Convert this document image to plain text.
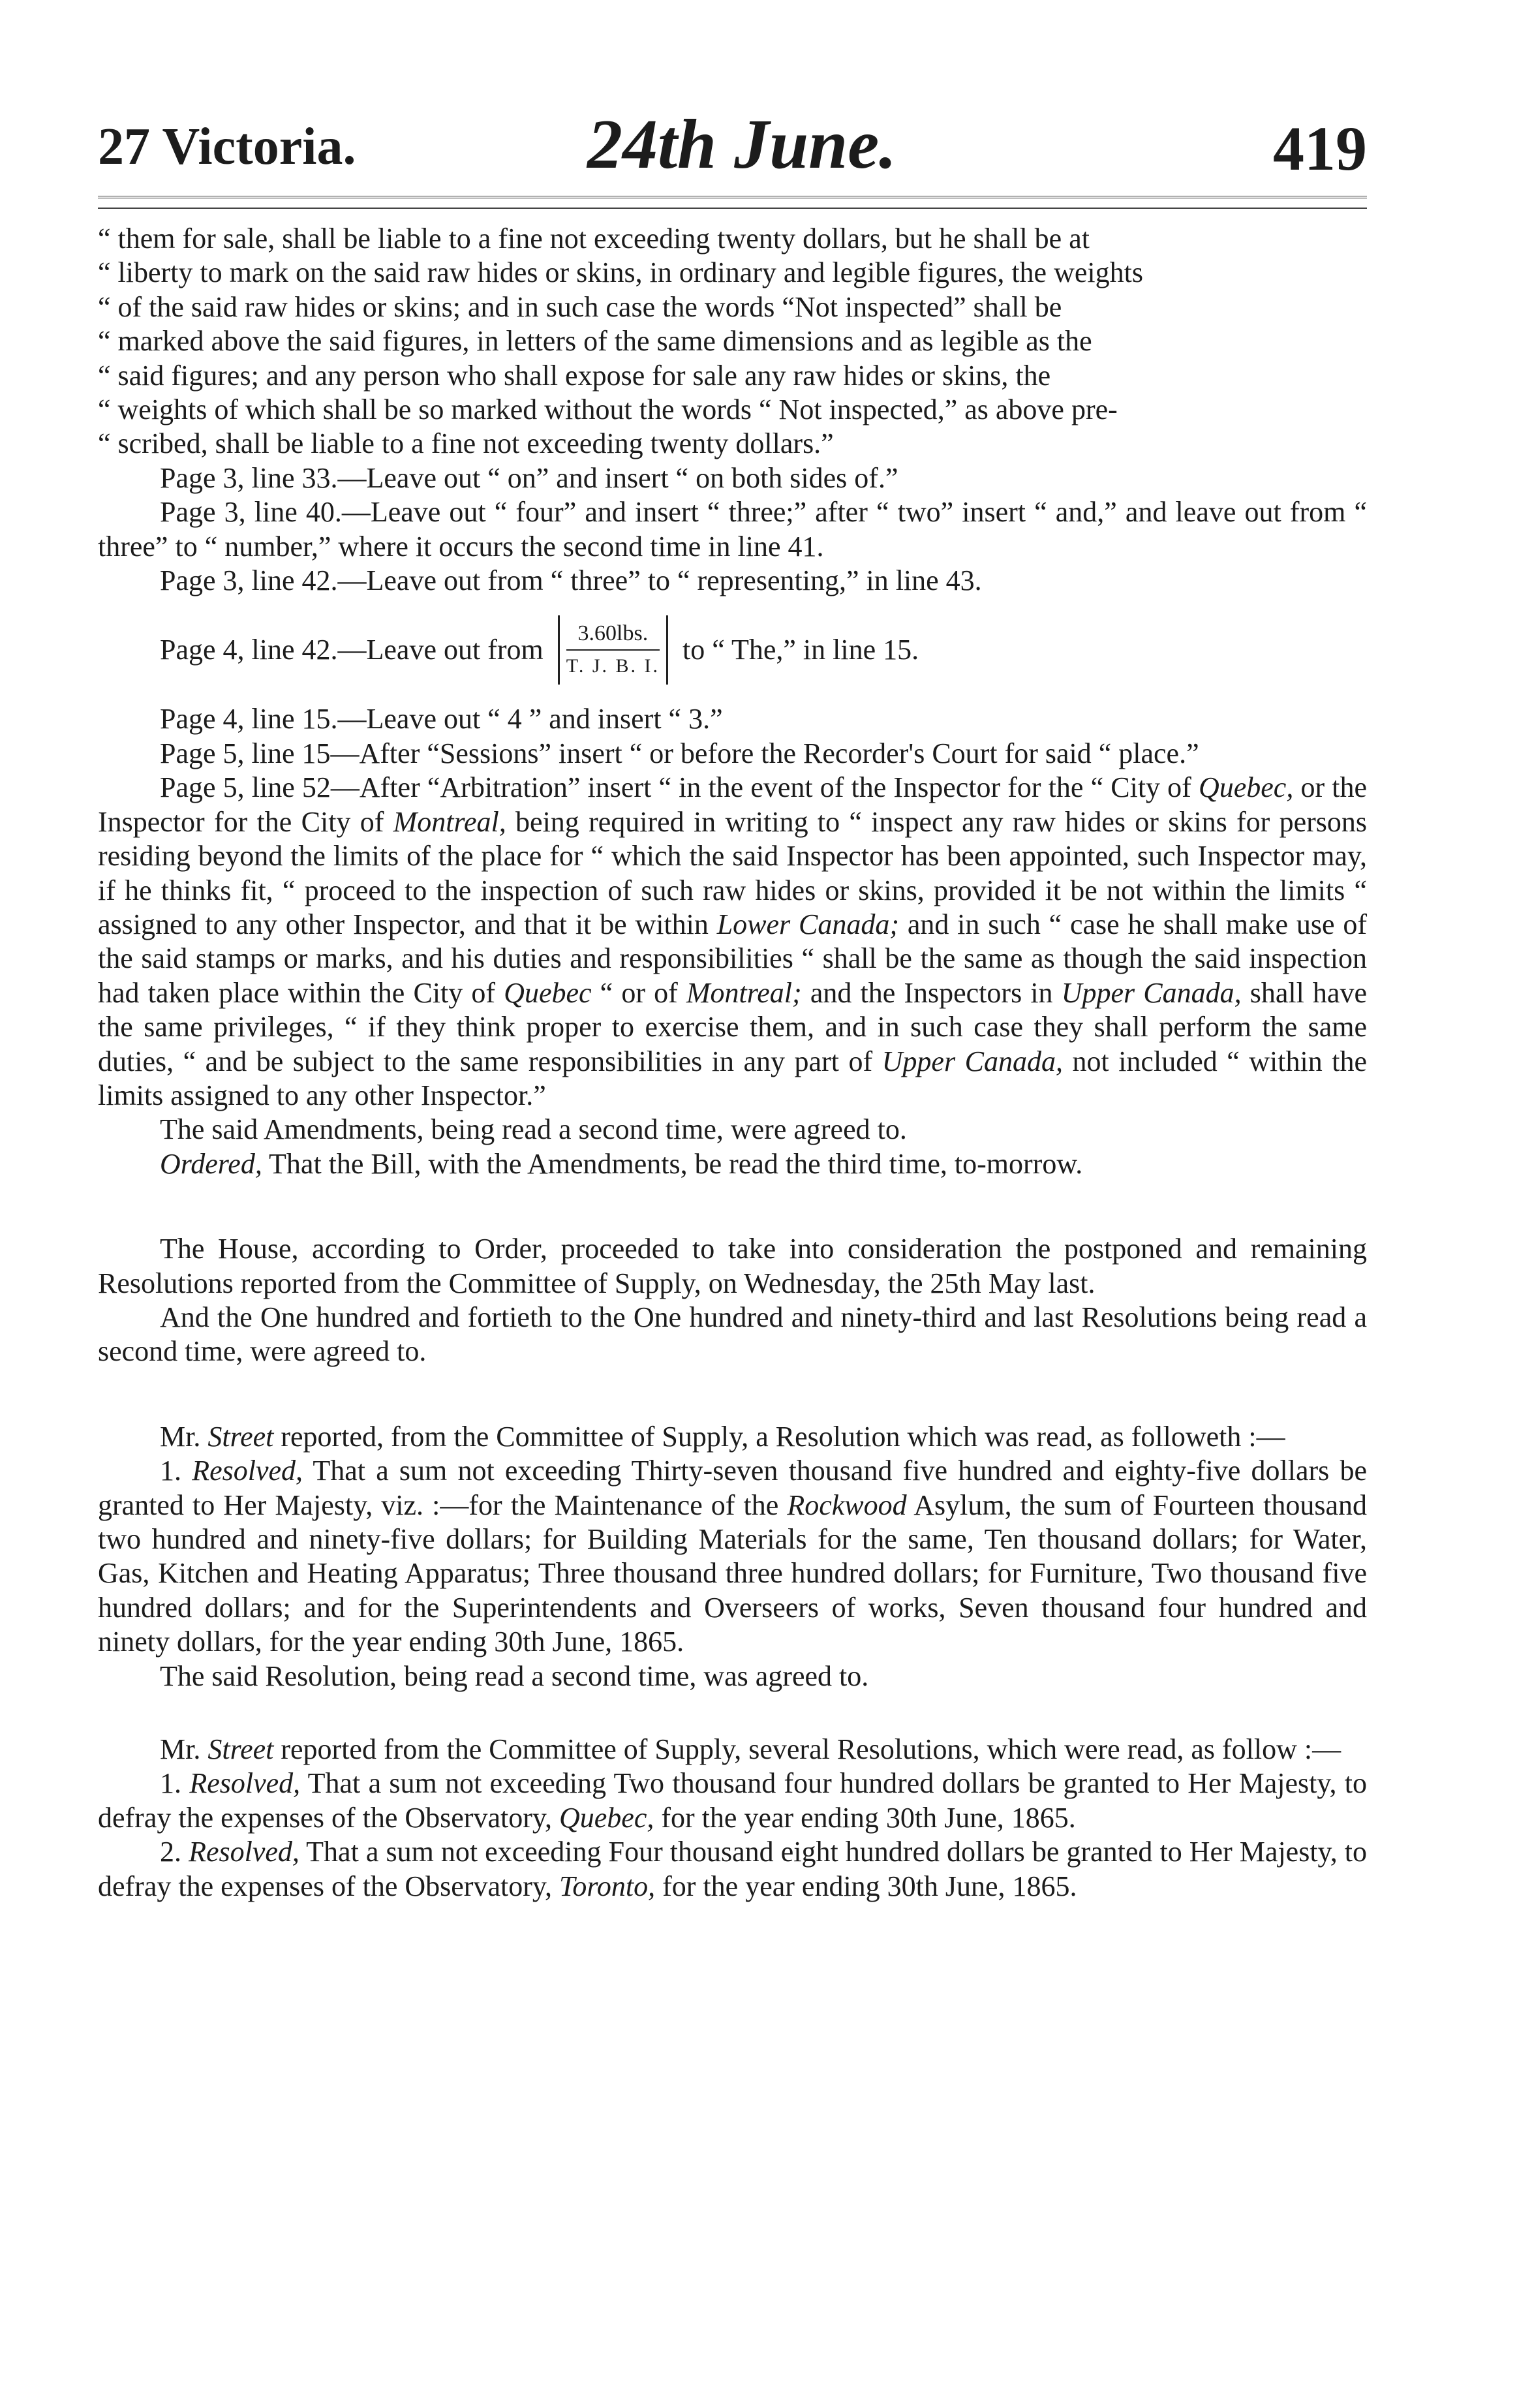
27 Victoria.	24th June.	419

“ them for sale, shall be liable to a fine not exceeding twenty dollars, but he shall be at

“ liberty to mark on the said raw hides or skins, in ordinary and legible figures, the weights

“ of the said raw hides or skins; and in such case the words “Not inspected” shall be

“ marked above the said figures, in letters of the same dimensions and as legible as the

“ said figures; and any person who shall expose for sale any raw hides or skins, the

“ weights of which shall be so marked without the words “ Not inspected,” as above pre-

“ scribed, shall be liable to a fine not exceeding twenty dollars.”

Page 3, line 33.—Leave out “ on” and insert “ on both sides of.”

Page 3, line 40.—Leave out “ four” and insert “ three;” after “ two” insert “ and,” and leave out from “ three” to “ number,” where it occurs the second time in line 41.

Page 3, line 42.—Leave out from “ three” to “ representing,” in line 43.

Page 4, line 42.—Leave out from
3.60lbs.
T. J. B. I.
to “ The,” in line 15.

Page 4, line 15.—Leave out “ 4 ” and insert “ 3.”

Page 5, line 15—After “Sessions” insert “ or before the Recorder's Court for said “ place.”

Page 5, line 52—After “Arbitration” insert “ in the event of the Inspector for the “ City of Quebec, or the Inspector for the City of Montreal, being required in writing to “ inspect any raw hides or skins for persons residing beyond the limits of the place for “ which the said Inspector has been appointed, such Inspector may, if he thinks fit, “ proceed to the inspection of such raw hides or skins, provided it be not within the limits “ assigned to any other Inspector, and that it be within Lower Canada; and in such “ case he shall make use of the said stamps or marks, and his duties and responsibilities “ shall be the same as though the said inspection had taken place within the City of Quebec “ or of Montreal; and the Inspectors in Upper Canada, shall have the same privileges, “ if they think proper to exercise them, and in such case they shall perform the same duties, “ and be subject to the same responsibilities in any part of Upper Canada, not included “ within the limits assigned to any other Inspector.”

The said Amendments, being read a second time, were agreed to.

Ordered, That the Bill, with the Amendments, be read the third time, to-morrow.

The House, according to Order, proceeded to take into consideration the postponed and remaining Resolutions reported from the Committee of Supply, on Wednesday, the 25th May last.

And the One hundred and fortieth to the One hundred and ninety-third and last Resolutions being read a second time, were agreed to.

Mr. Street reported, from the Committee of Supply, a Resolution which was read, as followeth :—

1. Resolved, That a sum not exceeding Thirty-seven thousand five hundred and eighty-five dollars be granted to Her Majesty, viz. :—for the Maintenance of the Rockwood Asylum, the sum of Fourteen thousand two hundred and ninety-five dollars; for Building Materials for the same, Ten thousand dollars; for Water, Gas, Kitchen and Heating Apparatus; Three thousand three hundred dollars; for Furniture, Two thousand five hundred dollars; and for the Superintendents and Overseers of works, Seven thousand four hundred and ninety dollars, for the year ending 30th June, 1865.

The said Resolution, being read a second time, was agreed to.

Mr. Street reported from the Committee of Supply, several Resolutions, which were read, as follow :—

1. Resolved, That a sum not exceeding Two thousand four hundred dollars be granted to Her Majesty, to defray the expenses of the Observatory, Quebec, for the year ending 30th June, 1865.

2. Resolved, That a sum not exceeding Four thousand eight hundred dollars be granted to Her Majesty, to defray the expenses of the Observatory, Toronto, for the year ending 30th June, 1865.
